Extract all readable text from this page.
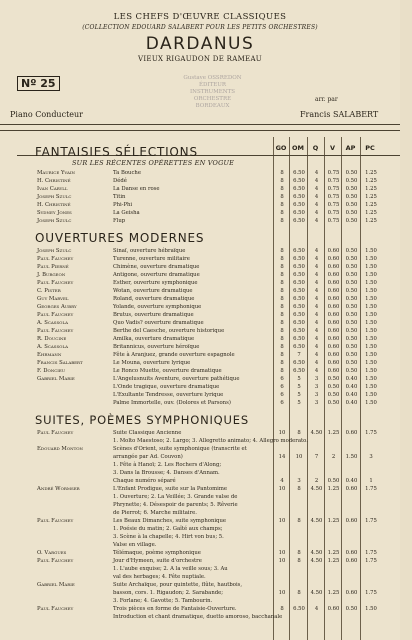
LES CHEFS D'ŒUVRE CLASSIQUES
(COLLECTION EDOUARD SALABERT POUR LES PETITS ORCHESTRES)
DARDANUS
VIEUX RIGAUDON DE RAMEAU
Nº 25	Gustave OSSREDON
ÉDITEUR
INSTRUMENTS ORCHESTRE
BORDEAUX
Piano Conducteur
arr. par
Francis SALABERT
GO OM	Q	V	AP	PC
FANTAISIES SÉLECTIONS
SUR LES RÉCENTES OPÉRETTES EN VOGUE
Maurice Yvain	Ta Bouche	8	6.50	4	0.75	0.50	1.25
H. Christiné	Dédé	8	6.50	4	0.75	0.50	1.25
Ivan Caryll	La Danse en rose	8	6.50	4	0.75	0.50	1.25
Joseph Szulc	Titin	8	6.50	4	0.75	0.50	1.25
H. Christiné	Phi-Phi	8	6.50	4	0.75	0.50	1.25
Sydney Jones	La Geisha	8	6.50	4	0.75	0.50	1.25
Joseph Szulc	Flup	8	6.50	4	0.75	0.50	1.25
OUVERTURES MODERNES
Joseph Szulc	Sinaï, ouverture hébraïque	8	6.50	4	0.60	0.50	1.50
Paul Fauchey	Turenne, ouverture militaire	8	6.50	4	0.60	0.50	1.50
Paul Pierné	Chimène, ouverture dramatique	8	6.50	4	0.60	0.50	1.50
J. Burgeon	Antigone, ouverture dramatique	8	6.50	4	0.60	0.50	1.50
Paul Fauchey	Esther, ouverture symphonique	8	6.50	4	0.60	0.50	1.50
C. Pister	Wotan, ouverture dramatique	8	6.50	4	0.60	0.50	1.50
Guy Marvel	Roland, ouverture dramatique	8	6.50	4	0.60	0.50	1.50
Georges Aubry	Yolande, ouverture symphonique	8	6.50	4	0.60	0.50	1.50
Paul Fauchey	Brutus, ouverture dramatique	8	6.50	4	0.60	0.50	1.50
A. Scassola	Quo Vadis? ouverture dramatique	8	6.50	4	0.60	0.50	1.50
Paul Fauchey	Berthe del Caesche, ouverture historique	8	6.50	4	0.60	0.50	1.50
R. Doucine	Amilka, ouverture dramatique	8	6.50	4	0.60	0.50	1.50
A. Scassola	Britannicus, ouverture héroïque	8	6.50	4	0.60	0.50	1.50
Ehrmann	Fête à Aranjuez, grande ouverture espagnole	8	7	4	0.60	0.50	1.50
Francis Salabert	Le Mouna, ouverture lyrique	8	6.50	4	0.60	0.50	1.50
F. Doncieu	Le Ronco Muette, ouverture dramatique	8	6.50	4	0.60	0.50	1.50
Gabriel Marie	L'Angelusnuits Aventure, ouverture pathétique	6	5	3	0.50	0.40	1.50
L'Onde tragique, ouverture dramatique	6	5	3	0.50	0.40	1.50
L'Exultante Tendresse, ouverture lyrique	6	5	3	0.50	0.40	1.50
Palme Immortelle, ouv. (Dolores et Parsons)	6	5	3	0.50	0.40	1.50
SUITES, POÈMES SYMPHONIQUES
Paul Fauchey	Suite Classique Ancienne	10	8	4.50 1.25	0.60	1.75
1. Molto Maestoso; 2. Largo; 3. Allegretto animato; 4. Allegro moderato.
Edouard Monton	Scènes d'Orient, suite symphonique (transcrite et
arrangée par Ad. Couvon)	14	10	7	2	1.50	3
1. Fête à Hanoï; 2. Les Rochers d'Along;
3. Dans la Brousse; 4. Danses d'Annam.
Chaque numéro séparé	4	3	2	0.50	0.40	1
André Wormser	L'Enfant Prodigue, suite sur la Pantomime	10	8	4.50 1.25	0.60	1.75
1. Ouverture; 2. La Veillée; 3. Grande valse de
Phrynette; 4. Désespoir de parents; 5. Rêverie
de Pierrot; 6. Marche militaire.
Paul Fauchey	Les Beaux Dimanches, suite symphonique	10	8	4.50 1.25	0.60	1.75
1. Poésie du matin; 2. Gaîté aux champs;
3. Scène à la chapelle; 4. Hirt von bus; 5.
Valse en village.
O. Vargues	Télémaque, poème symphonique	10	8	4.50 1.25	0.60	1.75
Paul Fauchey	Jour d'Hymeen, suite d'orchestre	10	8	4.50 1.25	0.60	1.75
1. L'aube exquise; 2. A la veille sous; 3. Au
val des herbages; 4. Fête nuptiale.
Gabriel Marie	Suite Archaïque, pour quintette, flûte, hautbois,
basson, cors. 1. Rigaudon; 2. Sarabande;	10	8	4.50 1.25	0.60	1.75
3. Forlane; 4. Gavotte; 5. Tambourin.
Paul Fauchey	Trois pièces en forme de Fantaisie-Ouverture.	8	6.50	4	0.60	0.50	1.50
Introduction et chant dramatique, duetto amoroso, bacchanale
